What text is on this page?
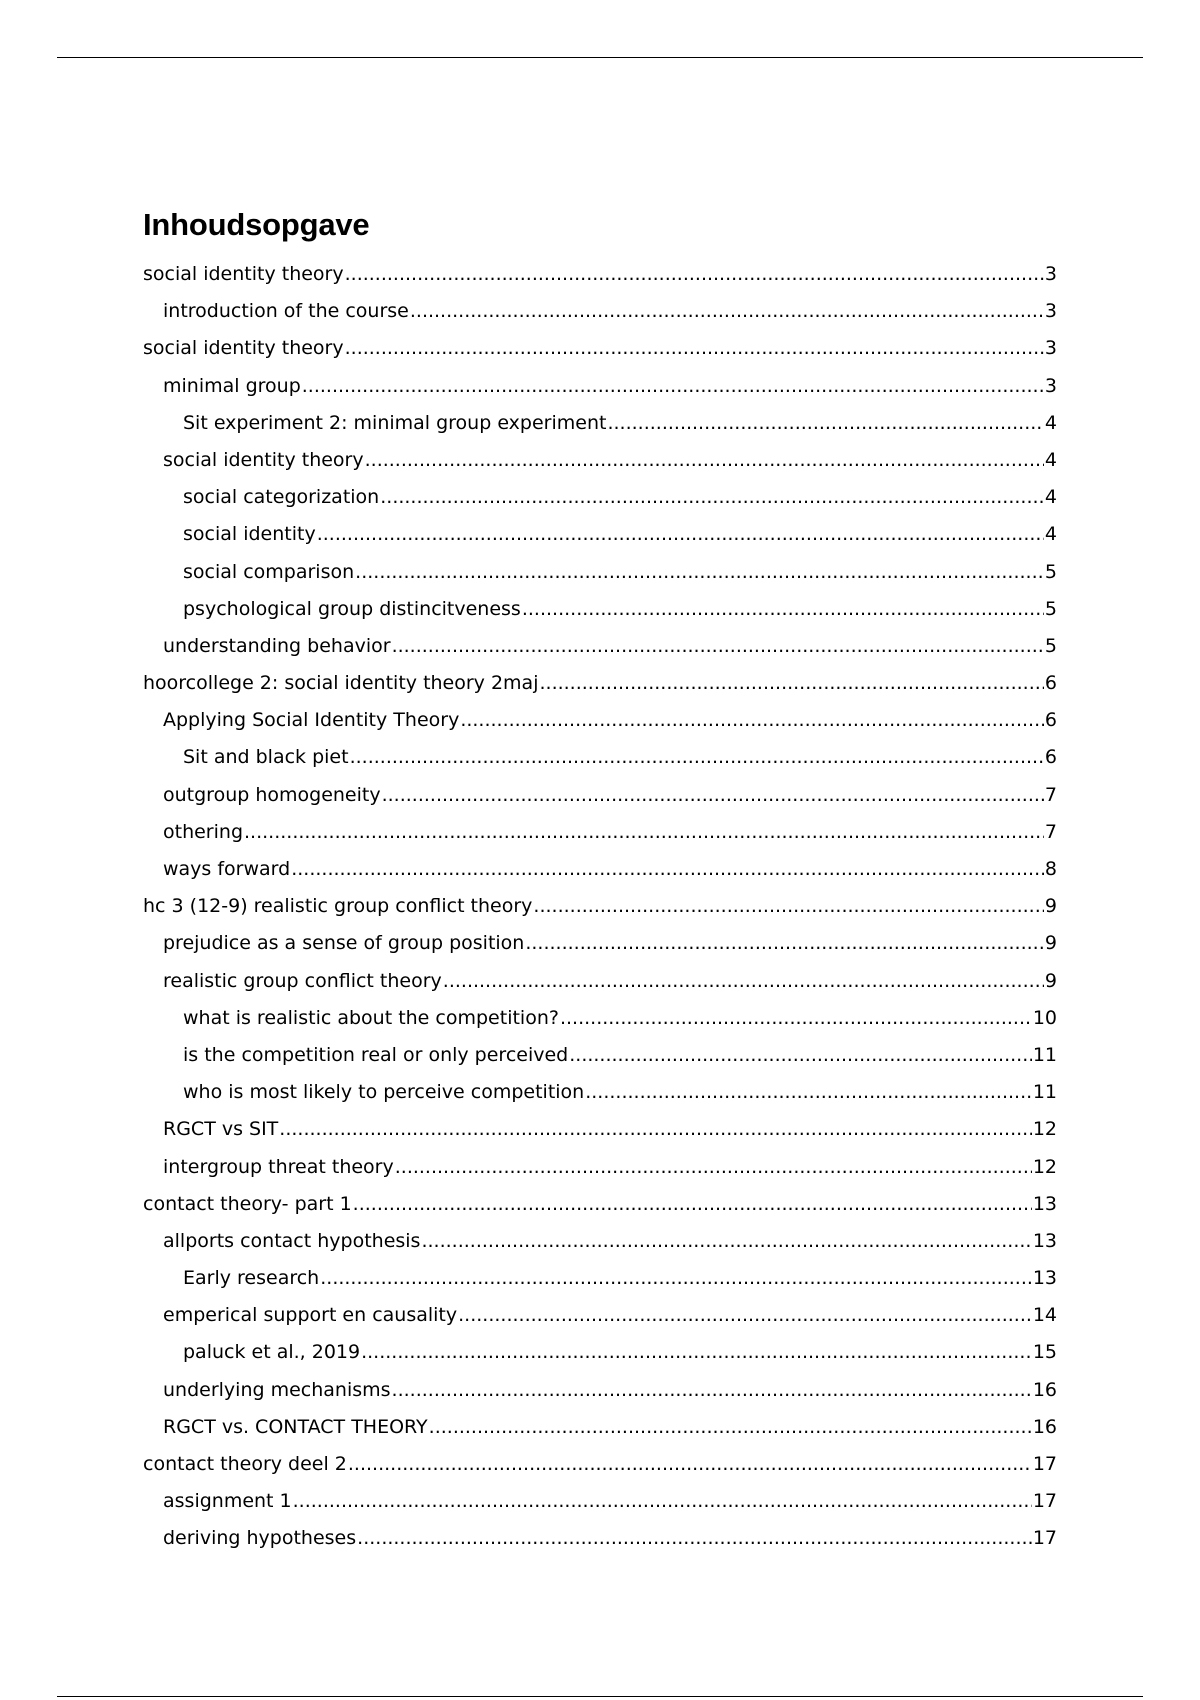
Inhoudsopgave
social identity theory .....	3
introduction of the course .....	3
social identity theory .....	3
minimal group .....	3
Sit experiment 2: minimal group experiment .....	4
social identity theory .....	4
social categorization .....	4
social identity .....	4
social comparison .....	5
psychological group distincitveness .....	5
understanding behavior .....	5
hoorcollege 2: social identity theory 2maj .....	6
Applying Social Identity Theory .....	6
Sit and black piet .....	6
outgroup homogeneity .....	7
othering .....	7
ways forward .....	8
hc 3 (12-9) realistic group conflict theory .....	9
prejudice as a sense of group position .....	9
realistic group conflict theory .....	9
what is realistic about the competition? .....	10
is the competition real or only perceived .....	11
who is most likely to perceive competition .....	11
RGCT vs SIT .....	12
intergroup threat theory .....	12
contact theory- part 1 .....	13
allports contact hypothesis .....	13
Early research .....	13
emperical support en causality .....	14
paluck et al., 2019 .....	15
underlying mechanisms .....	16
RGCT vs. CONTACT THEORY .....	16
contact theory deel 2 .....	17
assignment 1 .....	17
deriving hypotheses .....	17
